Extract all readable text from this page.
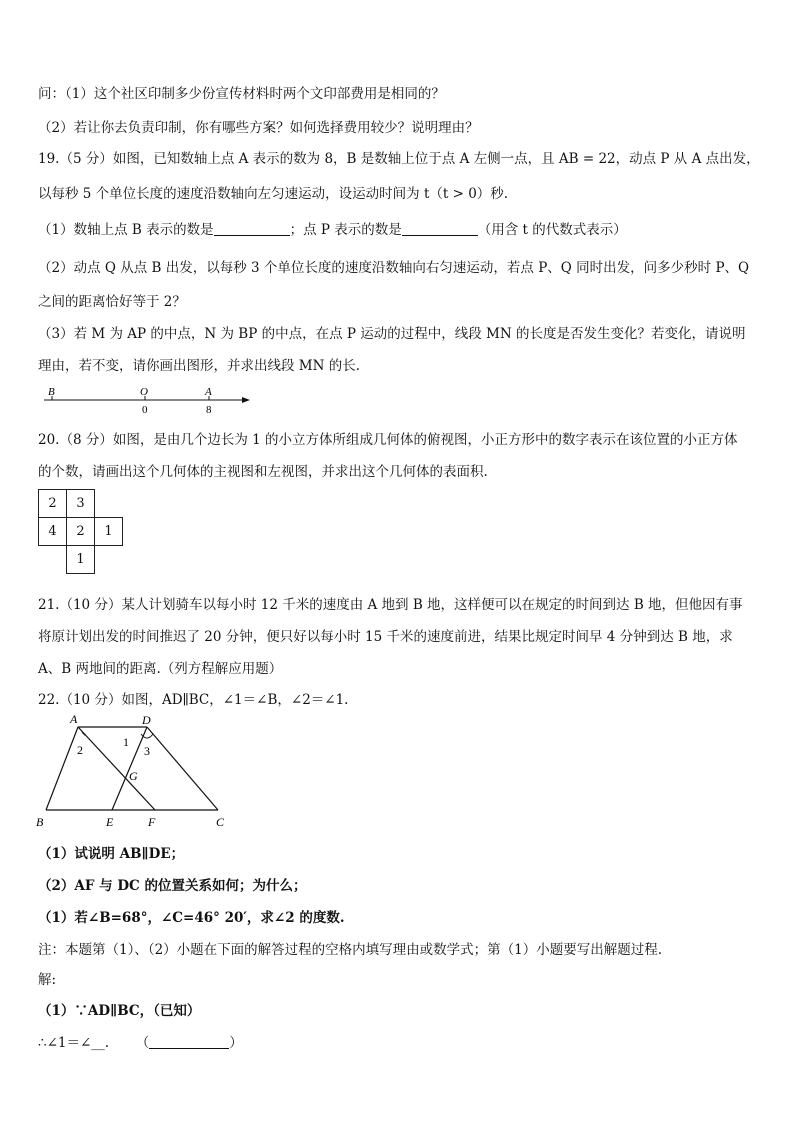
问：（1）这个社区印制多少份宣传材料时两个文印部费用是相同的？
（2）若让你去负责印制，你有哪些方案？如何选择费用较少？说明理由？
19.（5 分）如图，已知数轴上点 A 表示的数为 8，B 是数轴上位于点 A 左侧一点，且 AB = 22，动点 P 从 A 点出发，
以每秒 5 个单位长度的速度沿数轴向左匀速运动，设运动时间为 t（t > 0）秒.
（1）数轴上点 B 表示的数是	；点 P 表示的数是	（用含 t 的代数式表示）
（2）动点 Q 从点 B 出发，以每秒 3 个单位长度的速度沿数轴向右匀速运动，若点 P、Q 同时出发，问多少秒时 P、Q
之间的距离恰好等于 2？
（3）若 M 为 AP 的中点，N 为 BP 的中点，在点 P 运动的过程中，线段 MN 的长度是否发生变化？若变化，请说明
理由，若不变，请你画出图形，并求出线段 MN 的长.
B	O	A
0	8
20.（8 分）如图，是由几个边长为 1 的小立方体所组成几何体的俯视图，小正方形中的数字表示在该位置的小正方体
的个数，请画出这个几何体的主视图和左视图，并求出这个几何体的表面积.
2	3	
4	2	1
	1	
21.（10 分）某人计划骑车以每小时 12 千米的速度由 A 地到 B 地，这样便可以在规定的时间到达 B 地，但他因有事
将原计划出发的时间推迟了 20 分钟，便只好以每小时 15 千米的速度前进，结果比规定时间早 4 分钟到达 B 地，求
A、B 两地间的距离.（列方程解应用题）
22.（10 分）如图，AD∥BC，∠1＝∠B，∠2＝∠1.
A	D
B	E	F	C
G
1
2	3
（1）试说明 AB∥DE；
（2）AF 与 DC 的位置关系如何；为什么；
（1）若∠B=68°，∠C=46° 20′，求∠2 的度数.
注：本题第（1）、（2）小题在下面的解答过程的空格内填写理由或数学式；第（1）小题要写出解题过程.
解:
（1）∵AD∥BC，（已知）
∴∠1＝∠__. （	）
